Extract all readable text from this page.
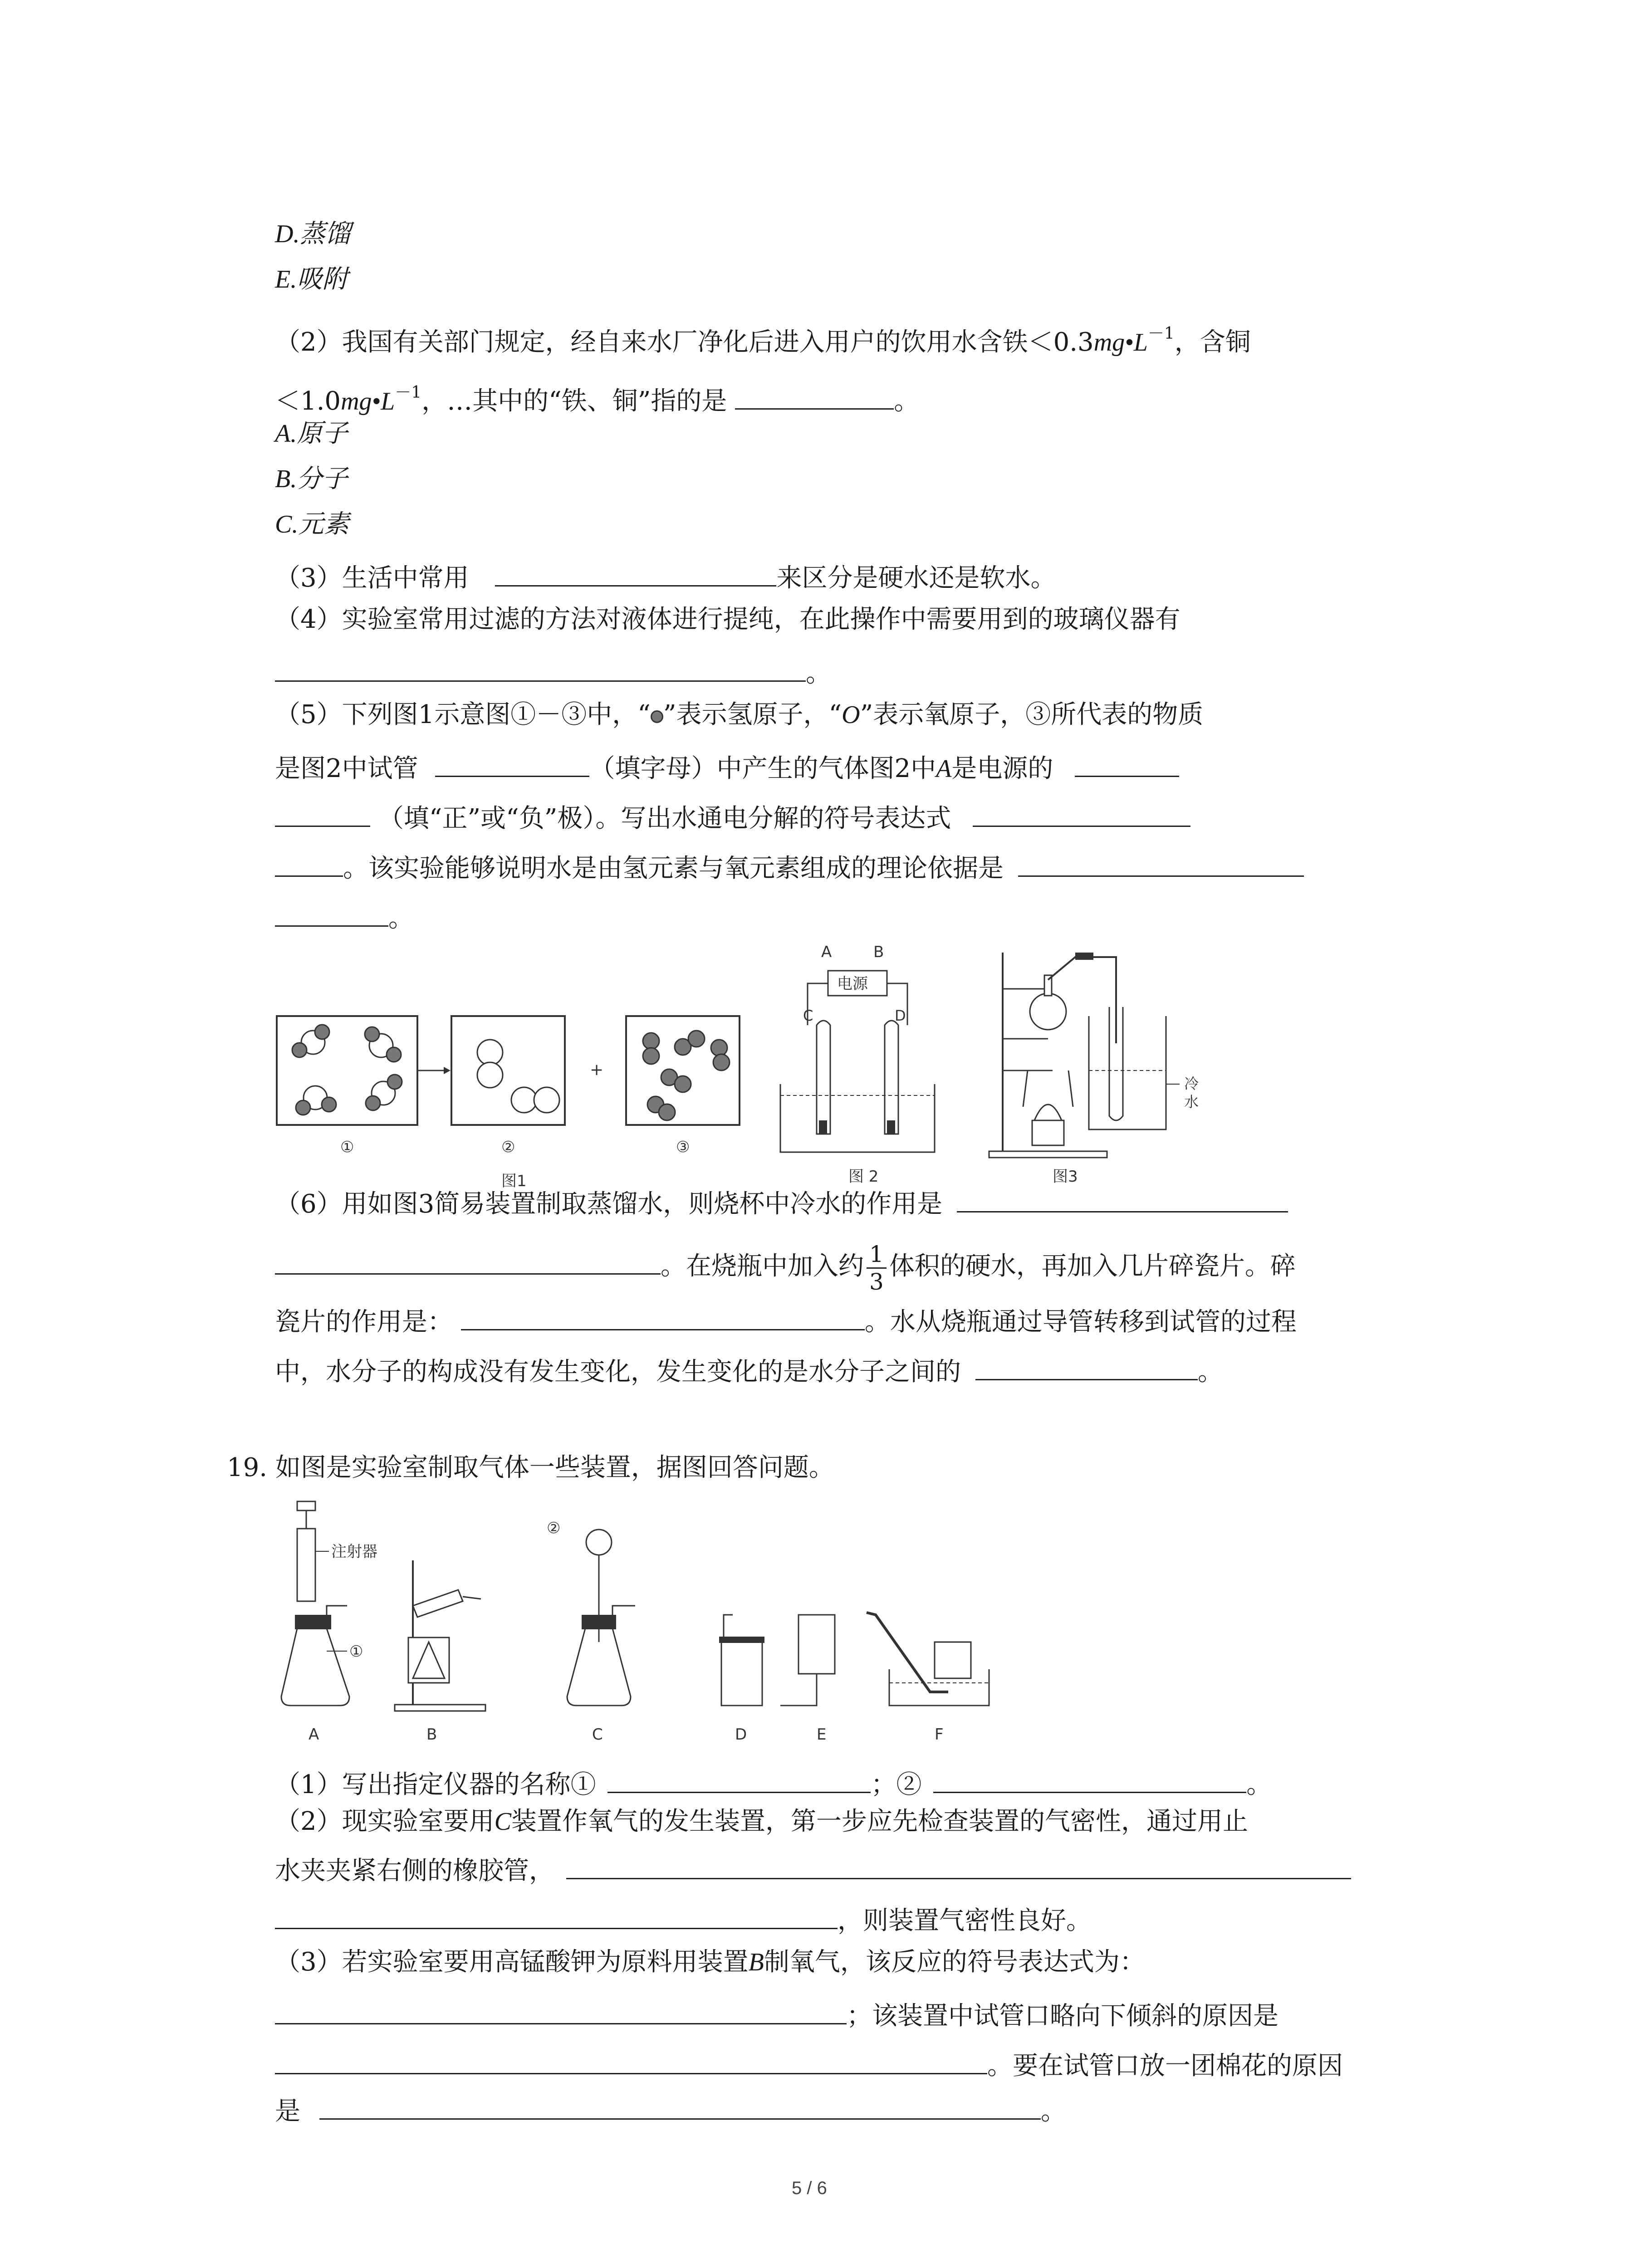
D.蒸馏
E.吸附
（2）我国有关部门规定，经自来水厂净化后进入用户的饮用水含铁$<0.3mg•L^{-1}$，含铜
$<1.0mg•L^{-1}$，…其中的“铁、铜”指的是	。
A.原子
B.分子
C.元素
（3）生活中常用	来区分是硬水还是软水。
（4）实验室常用过滤的方法对液体进行提纯，在此操作中需要用到的玻璃仪器有
。
（5）下列图1示意图①－③中，“ ”表示氢原子，“O”表示氧原子，③所代表的物质
是图2中试管	（填字母）中产生的气体图2中A是电源的
（填“正”或“负”极）。写出水通电分解的符号表达式
。该实验能够说明水是由氢元素与氧元素组成的理论依据是
。
+
①	②	③
图1
A	B
电源
C	D
图 2
冷
水
图3
（6）用如图3简易装置制取蒸馏水，则烧杯中冷水的作用是
。在烧瓶中加入约 $\frac{1}{3}$ 体积的硬水，再加入几片碎瓷片。碎
瓷片的作用是：	。水从烧瓶通过导管转移到试管的过程
中，水分子的构成没有发生变化，发生变化的是水分子之间的	。
19. 如图是实验室制取气体一些装置，据图回答问题。
注射器
①
A	B
②
C	D	E	F
（1）写出指定仪器的名称①	；②	。
（2）现实验室要用C装置作氧气的发生装置，第一步应先检查装置的气密性，通过用止
水夹夹紧右侧的橡胶管，
，则装置气密性良好。
（3）若实验室要用高锰酸钾为原料用装置B制氧气，该反应的符号表达式为：
；该装置中试管口略向下倾斜的原因是
。要在试管口放一团棉花的原因
是	。
5 / 6
